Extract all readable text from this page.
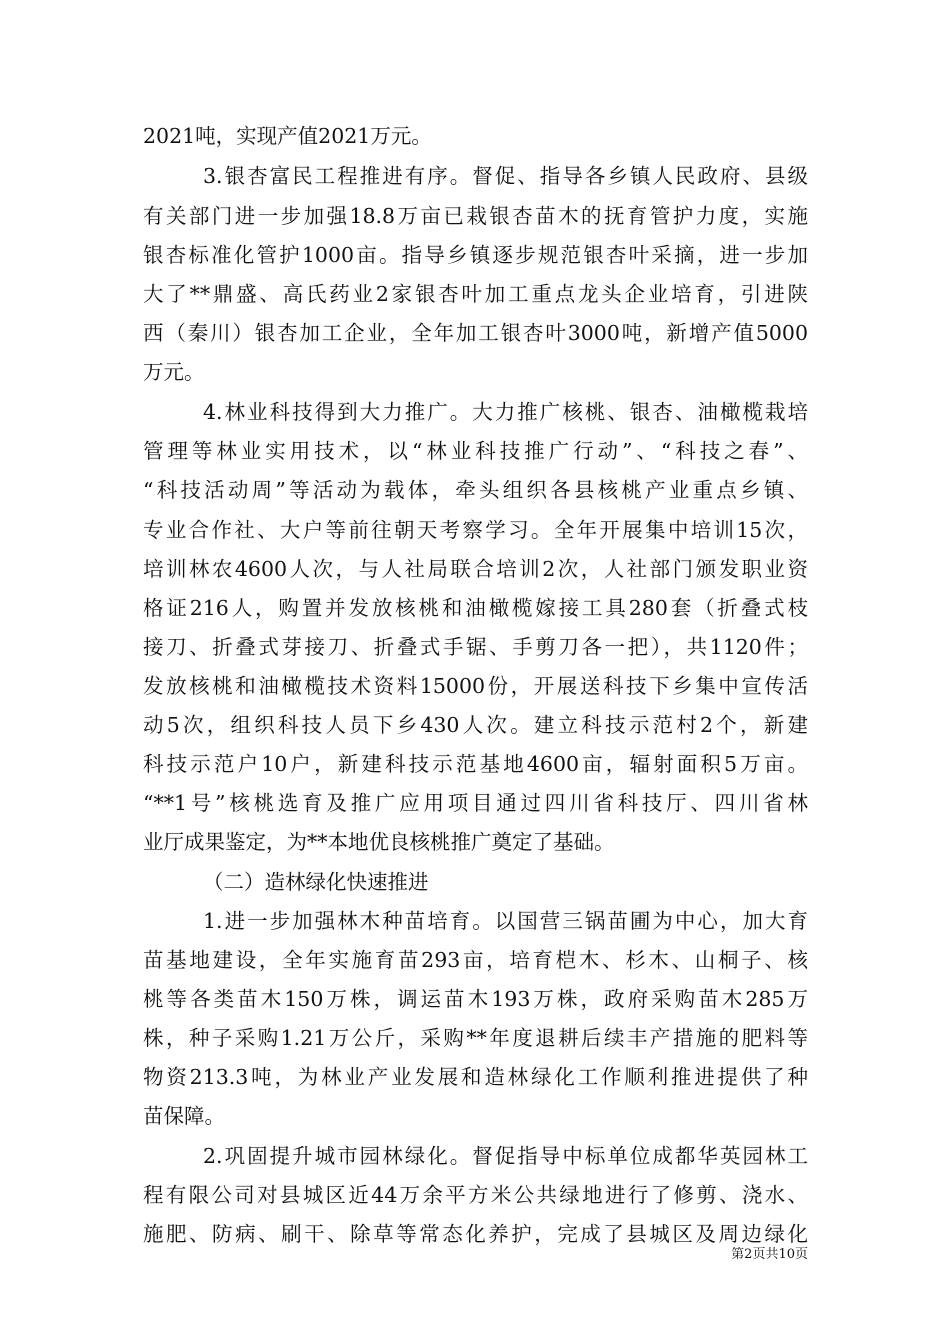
2021吨，实现产值2021万元。
3.银杏富民工程推进有序。督促、指导各乡镇人民政府、县级
有关部门进一步加强18.8万亩已栽银杏苗木的抚育管护力度，实施
银杏标准化管护1000亩。指导乡镇逐步规范银杏叶采摘，进一步加
大了**鼎盛、高氏药业2家银杏叶加工重点龙头企业培育，引进陕
西（秦川）银杏加工企业，全年加工银杏叶3000吨，新增产值5000
万元。
4.林业科技得到大力推广。大力推广核桃、银杏、油橄榄栽培
管理等林业实用技术，以“林业科技推广行动”、“科技之春”、
“科技活动周”等活动为载体，牵头组织各县核桃产业重点乡镇、
专业合作社、大户等前往朝天考察学习。全年开展集中培训15次，
培训林农4600人次，与人社局联合培训2次，人社部门颁发职业资
格证216人，购置并发放核桃和油橄榄嫁接工具280套（折叠式枝
接刀、折叠式芽接刀、折叠式手锯、手剪刀各一把），共1120件；
发放核桃和油橄榄技术资料15000份，开展送科技下乡集中宣传活
动5次，组织科技人员下乡430人次。建立科技示范村2个，新建
科技示范户10户，新建科技示范基地4600亩，辐射面积5万亩。
“**1号”核桃选育及推广应用项目通过四川省科技厅、四川省林
业厅成果鉴定，为**本地优良核桃推广奠定了基础。
（二）造林绿化快速推进
1.进一步加强林木种苗培育。以国营三锅苗圃为中心，加大育
苗基地建设，全年实施育苗293亩，培育桤木、杉木、山桐子、核
桃等各类苗木150万株，调运苗木193万株，政府采购苗木285万
株，种子采购1.21万公斤，采购**年度退耕后续丰产措施的肥料等
物资213.3吨，为林业产业发展和造林绿化工作顺利推进提供了种
苗保障。
2.巩固提升城市园林绿化。督促指导中标单位成都华英园林工
程有限公司对县城区近44万余平方米公共绿地进行了修剪、浇水、
施肥、防病、刷干、除草等常态化养护，完成了县城区及周边绿化
第2页共10页
